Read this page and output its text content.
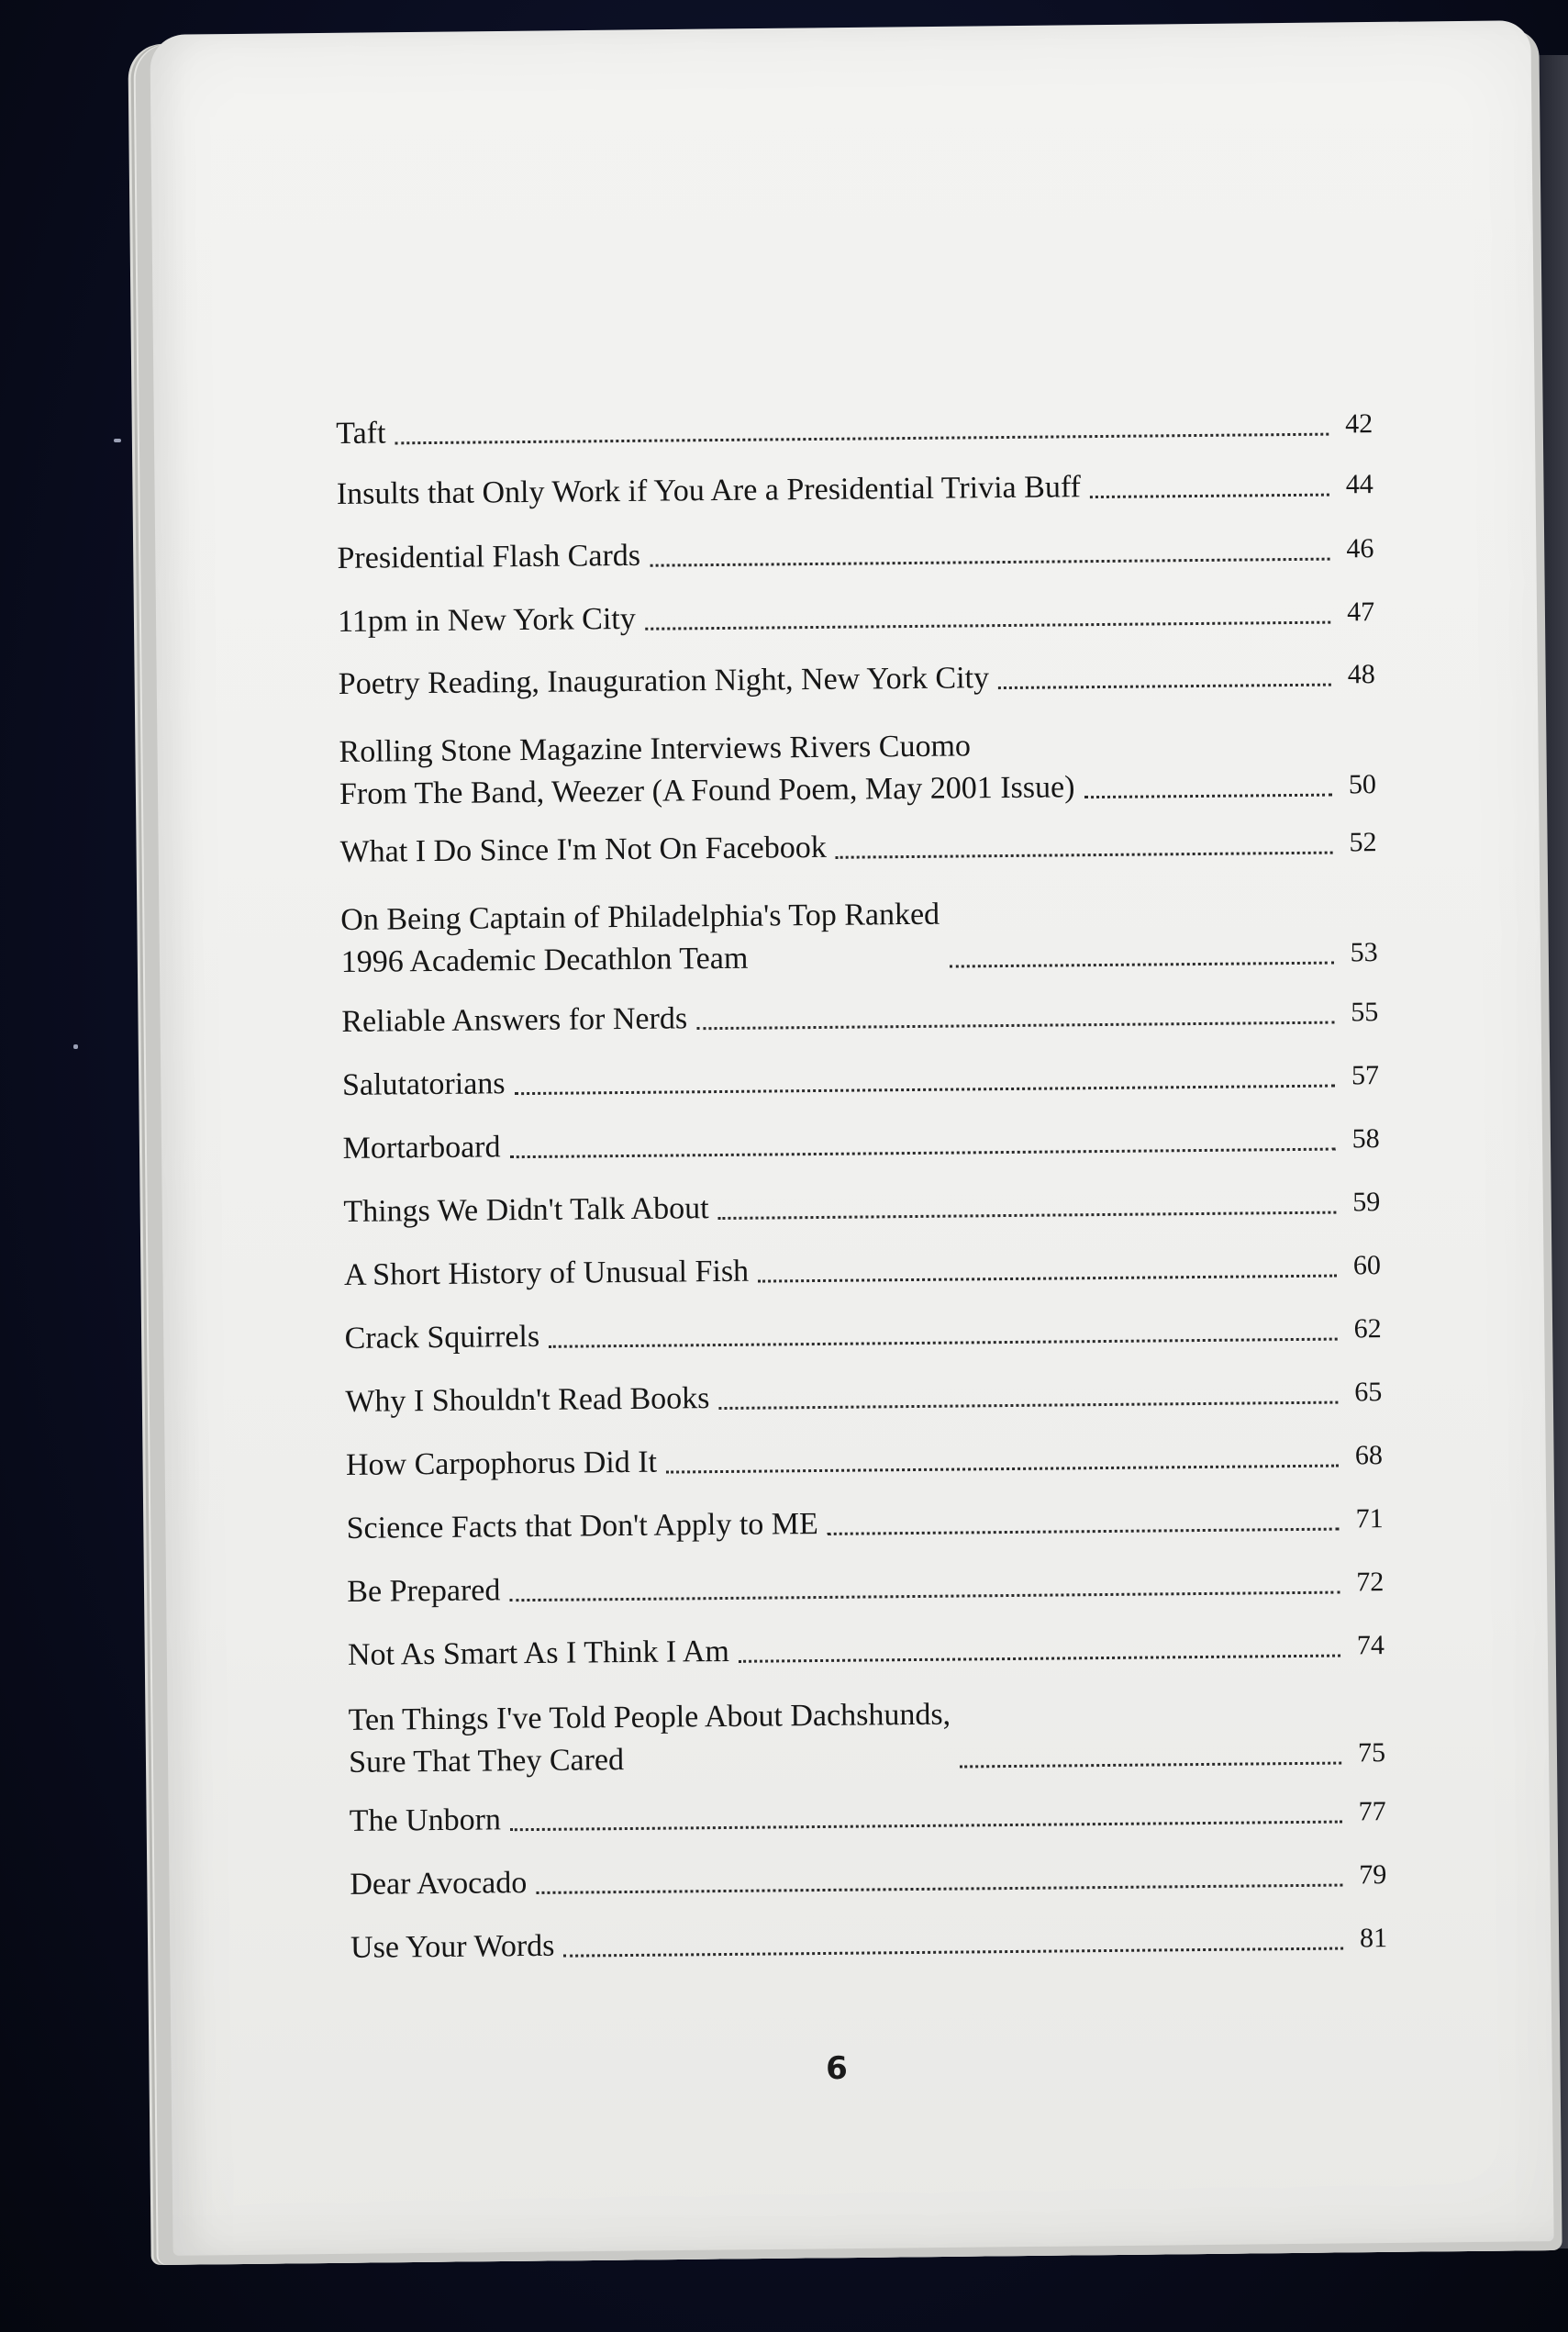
Taft	42
Insults that Only Work if You Are a Presidential Trivia Buff	44
Presidential Flash Cards	46
11pm in New York City	47
Poetry Reading, Inauguration Night, New York City	48
Rolling Stone Magazine Interviews Rivers Cuomo
From The Band, Weezer (A Found Poem, May 2001 Issue)	50
What I Do Since I'm Not On Facebook	52
On Being Captain of Philadelphia's Top Ranked
1996 Academic Decathlon Team	53
Reliable Answers for Nerds	55
Salutatorians	57
Mortarboard	58
Things We Didn't Talk About	59
A Short History of Unusual Fish	60
Crack Squirrels	62
Why I Shouldn't Read Books	65
How Carpophorus Did It	68
Science Facts that Don't Apply to ME	71
Be Prepared	72
Not As Smart As I Think I Am	74
Ten Things I've Told People About Dachshunds,
Sure That They Cared	75
The Unborn	77
Dear Avocado	79
Use Your Words	81
6
